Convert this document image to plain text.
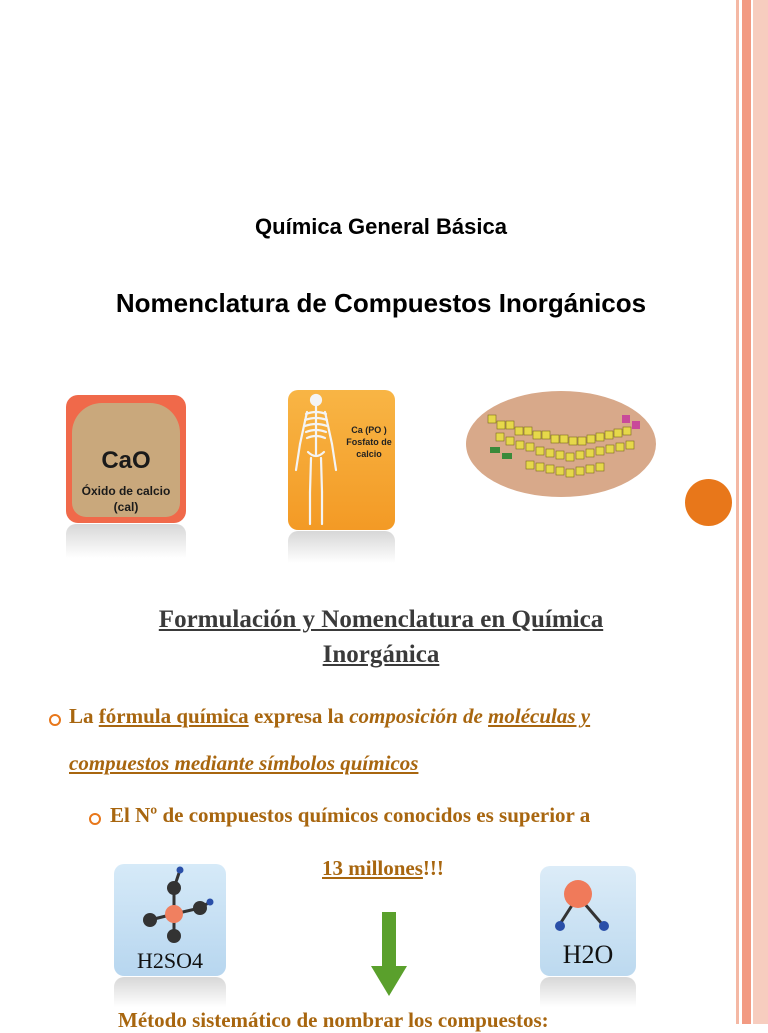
Química General Básica
Nomenclatura de Compuestos Inorgánicos
CaO
Óxido de calcio
(cal)
Ca (PO )
Fosfato de
calcio
Formulación y Nomenclatura en Química
Inorgánica
La fórmula química expresa la composición de moléculas y
compuestos mediante símbolos químicos
El Nº de compuestos químicos conocidos es superior a
13 millones!!!
H2SO4	H2O
Método sistemático de nombrar los compuestos:
